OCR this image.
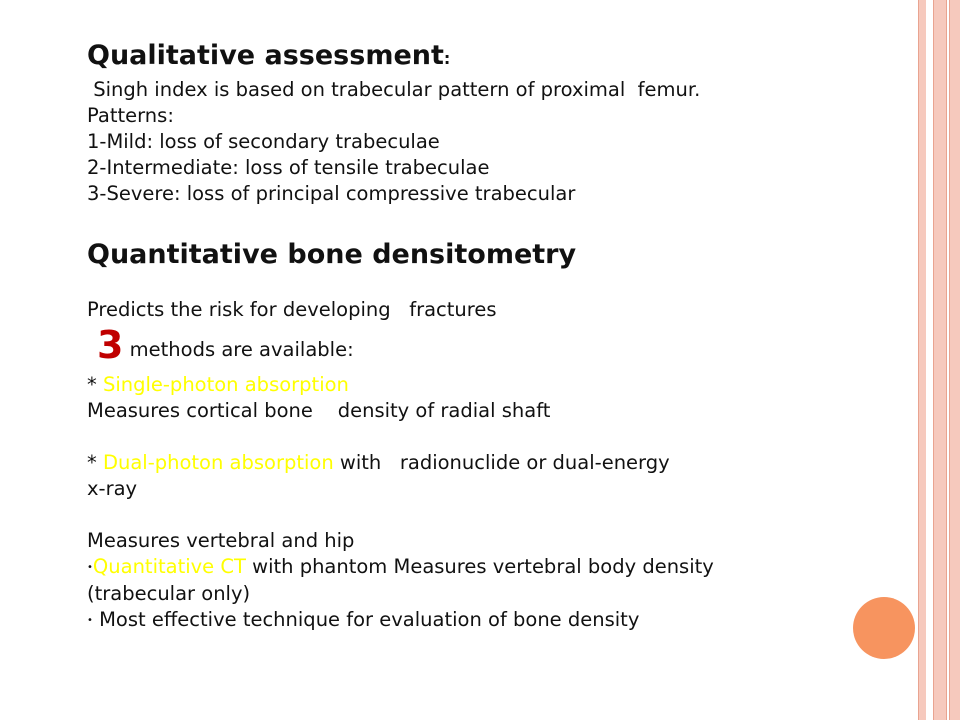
Qualitative assessment:

Singh index is based on trabecular pattern of proximal  femur.

Patterns:

1-Mild: loss of secondary trabeculae

2-Intermediate: loss of tensile trabeculae

3-Severe: loss of principal compressive trabecular

Quantitative bone densitometry

Predicts the risk for developing   fractures

3 methods are available:

* Single-photon absorption

Measures cortical bone    density of radial shaft

* Dual-photon absorption with   radionuclide or dual-energy

x-ray

Measures vertebral and hip

•Quantitative CT with phantom Measures vertebral body density

(trabecular only)

• Most effective technique for evaluation of bone density
